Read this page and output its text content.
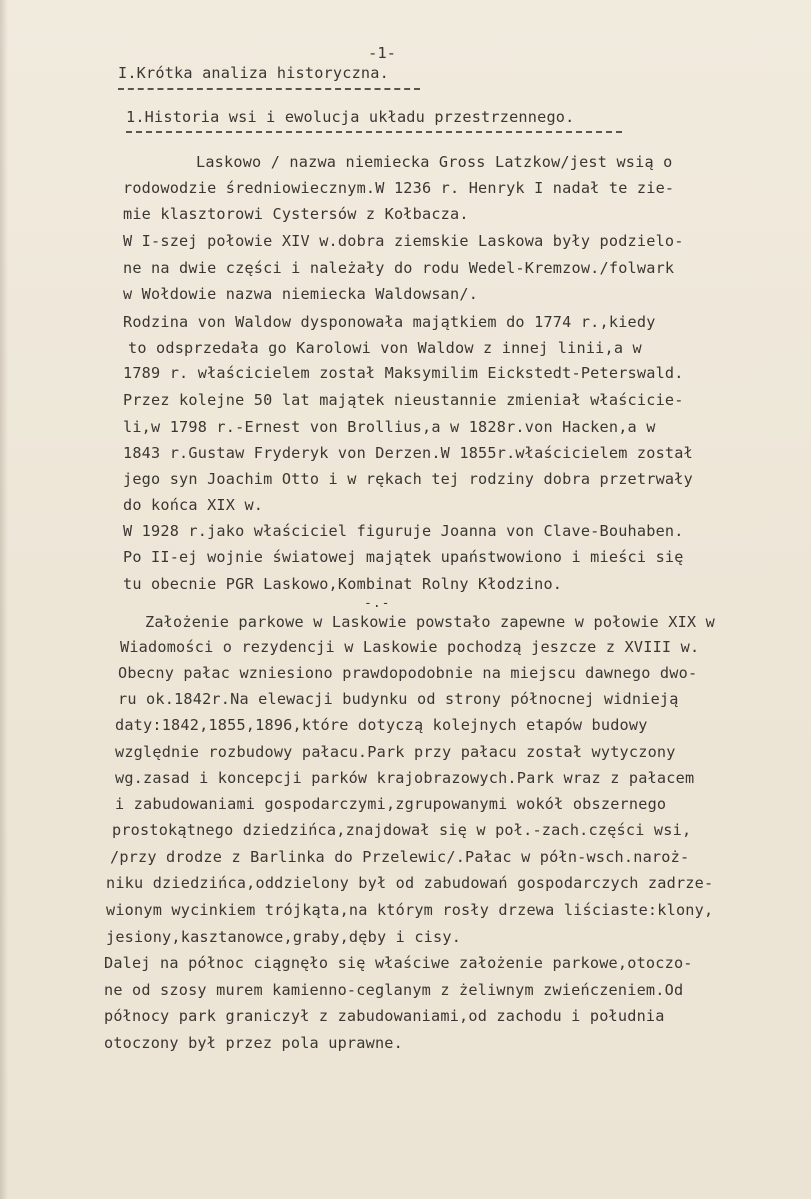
-1-
I.Krótka analiza historyczna.
1.Historia wsi i ewolucja układu przestrzennego.
Laskowo / nazwa niemiecka Gross Latzkow/jest wsią o
rodowodzie średniowiecznym.W 1236 r. Henryk I nadał te zie-
mie klasztorowi Cystersów z Kołbacza.
W I-szej połowie XIV w.dobra ziemskie Laskowa były podzielo-
ne na dwie części i należały do rodu Wedel-Kremzow./folwark
w Wołdowie nazwa niemiecka Waldowsan/.
Rodzina von Waldow dysponowała majątkiem do 1774 r.,kiedy
to odsprzedała go Karolowi von Waldow z innej linii,a w
1789 r. właścicielem został Maksymilim Eickstedt-Peterswald.
Przez kolejne 50 lat majątek nieustannie zmieniał właściciе-
li,w 1798 r.-Ernest von Brollius,a w 1828r.von Hacken,a w
1843 r.Gustaw Fryderyk von Derzen.W 1855r.właścicielem został
jego syn Joachim Otto i w rękach tej rodziny dobra przetrwały
do końca XIX w.
W 1928 r.jako właściciel figuruje Joanna von Clave-Bouhaben.
Po II-ej wojnie światowej majątek upaństwowiono i mieści się
tu obecnie PGR Laskowo,Kombinat Rolny Kłodzino.
-.-
Założenie parkowe w Laskowie powstało zapewne w połowie XIX w
Wiadomości o rezydencji w Laskowie pochodzą jeszcze z XVIII w.
Obecny pałac wzniesiono prawdopodobnie na miejscu dawnego dwo-
ru ok.1842r.Na elewacji budynku od strony północnej widnieją
daty:1842,1855,1896,które dotyczą kolejnych etapów budowy
względnie rozbudowy pałacu.Park przy pałacu został wytyczony
wg.zasad i koncepcji parków krajobrazowych.Park wraz z pałacem
i zabudowaniami gospodarczymi,zgrupowanymi wokół obszernego
prostokątnego dziedzińca,znajdował się w poł.-zach.części wsi,
/przy drodze z Barlinka do Przelewic/.Pałac w półn-wsch.naroż-
niku dziedzińca,oddzielony był od zabudowań gospodarczych zadrze-
wionym wycinkiem trójkąta,na którym rosły drzewa liściaste:klony,
jesiony,kasztanowce,graby,dęby i cisy.
Dalej na północ ciągnęło się właściwe założenie parkowe,otoczo-
ne od szosy murem kamienno-ceglanym z żeliwnym zwieńczeniem.Od
północy park graniczył z zabudowaniami,od zachodu i południa
otoczony był przez pola uprawne.
